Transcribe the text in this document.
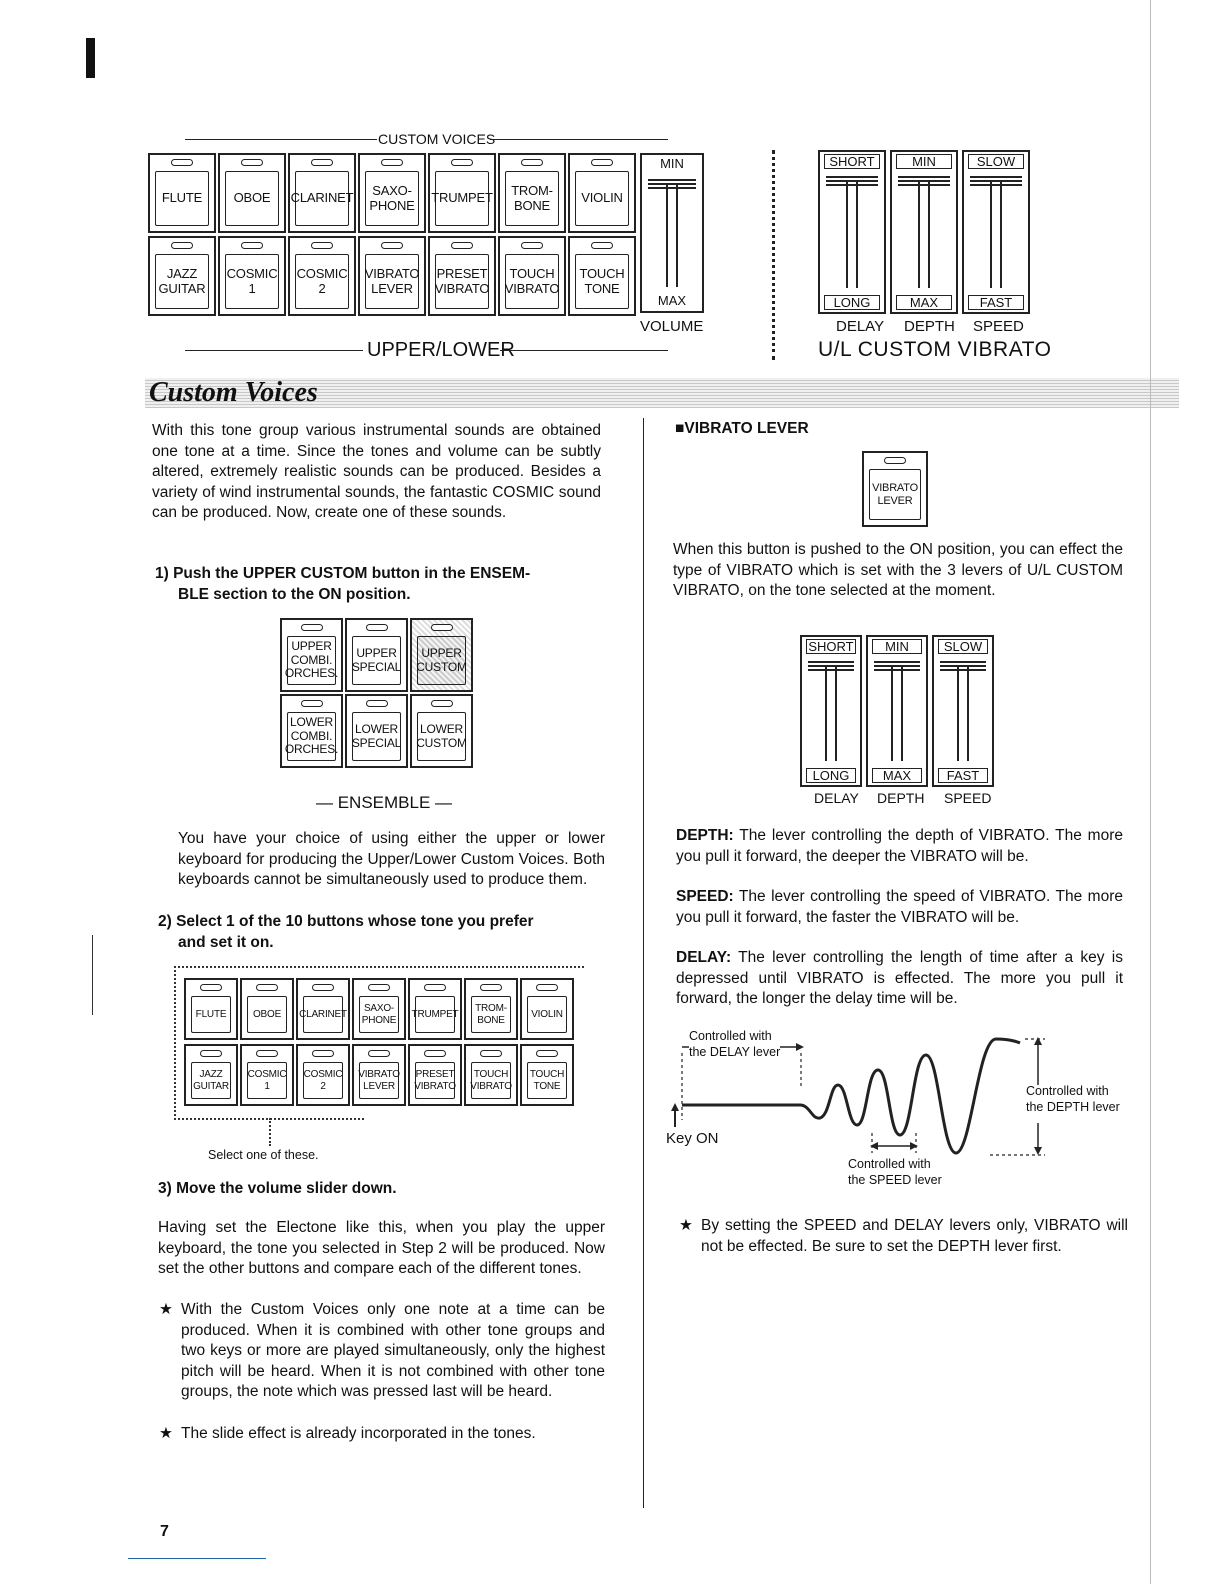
CUSTOM VOICES
FLUTE	OBOE	CLARINET	SAXO-
PHONE	TRUMPET	TROM-
BONE	VIOLIN
JAZZ
GUITAR
COSMIC
1
COSMIC
2
VIBRATO
LEVER
PRESET
VIBRATO
TOUCH
VIBRATO
TOUCH
TONE
MIN
MAX
VOLUME
UPPER/LOWER
SHORT
LONG
MIN
MAX
SLOW
FAST
DELAY DEPTH SPEED
U/L CUSTOM VIBRATO
Custom Voices
With this tone group various instrumental sounds are obtained one tone at a time. Since the tones and volume can be subtly altered, extremely realistic sounds can be produced. Besides a variety of wind instrumental sounds, the fantastic COSMIC sound can be produced. Now, create one of these sounds.
1) Push the UPPER CUSTOM button in the ENSEM-
BLE section to the ON position.
UPPER
COMBI.
ORCHES.
UPPER
SPECIAL
UPPER
CUSTOM
LOWER
COMBI.
ORCHES.
LOWER
SPECIAL
LOWER
CUSTOM
— ENSEMBLE —
You have your choice of using either the upper or lower keyboard for producing the Upper/Lower Custom Voices. Both keyboards cannot be simultaneously used to produce them.
2) Select 1 of the 10 buttons whose tone you prefer
and set it on.
FLUTE	OBOE	CLARINET
SAXO-
PHONE
TRUMPET
TROM-
BONE
VIOLIN
JAZZ
GUITAR
COSMIC
1
COSMIC
2
VIBRATO
LEVER
PRESET
VIBRATO
TOUCH
VIBRATO
TOUCH
TONE
Select one of these.
3) Move the volume slider down.
Having set the Electone like this, when you play the upper keyboard, the tone you selected in Step 2 will be produced. Now set the other buttons and compare each of the different tones.
★ With the Custom Voices only one note at a time can be produced. When it is combined with other tone groups and two keys or more are played simultaneously, only the highest pitch will be heard. When it is not combined with other tone groups, the note which was pressed last will be heard.
★ The slide effect is already incorporated in the tones.
■VIBRATO LEVER
VIBRATO
LEVER
When this button is pushed to the ON position, you can effect the type of VIBRATO which is set with the 3 levers of U/L CUSTOM VIBRATO, on the tone selected at the moment.
SHORT
LONG
MIN
MAX
SLOW
FAST
DELAY DEPTH SPEED
DEPTH: The lever controlling the depth of VIBRATO. The more you pull it forward, the deeper the VIBRATO will be.
SPEED: The lever controlling the speed of VIBRATO. The more you pull it forward, the faster the VIBRATO will be.
DELAY: The lever controlling the length of time after a key is depressed until VIBRATO is effected. The more you pull it forward, the longer the delay time will be.
Controlled with
the DELAY lever
Controlled with
the DEPTH lever
Controlled with
the SPEED lever
Key ON
★ By setting the SPEED and DELAY levers only, VIBRATO will not be effected. Be sure to set the DEPTH lever first.
7
